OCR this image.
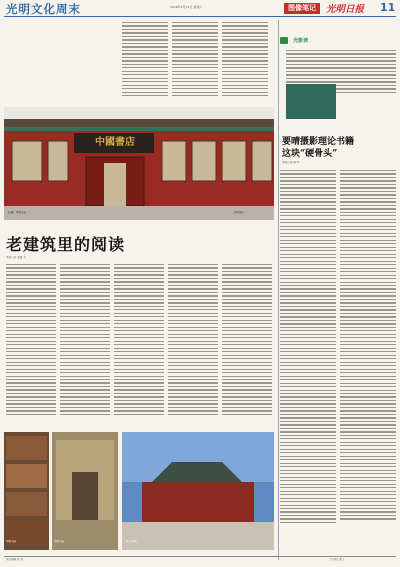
光明文化周末	2016年2月13日 星期六	图像笔记	光明日报 11
中國書店
琉璃厂中国书店	资料照片
老建筑里的阅读
本报记者 张继 文
中国书店	中国书店	北京琉璃厂
光影读
要晴摄影理论书籍
这块“硬骨头”
本报记者 韩 琴
责任编辑 陈 苑	[ 光明日报 ]
